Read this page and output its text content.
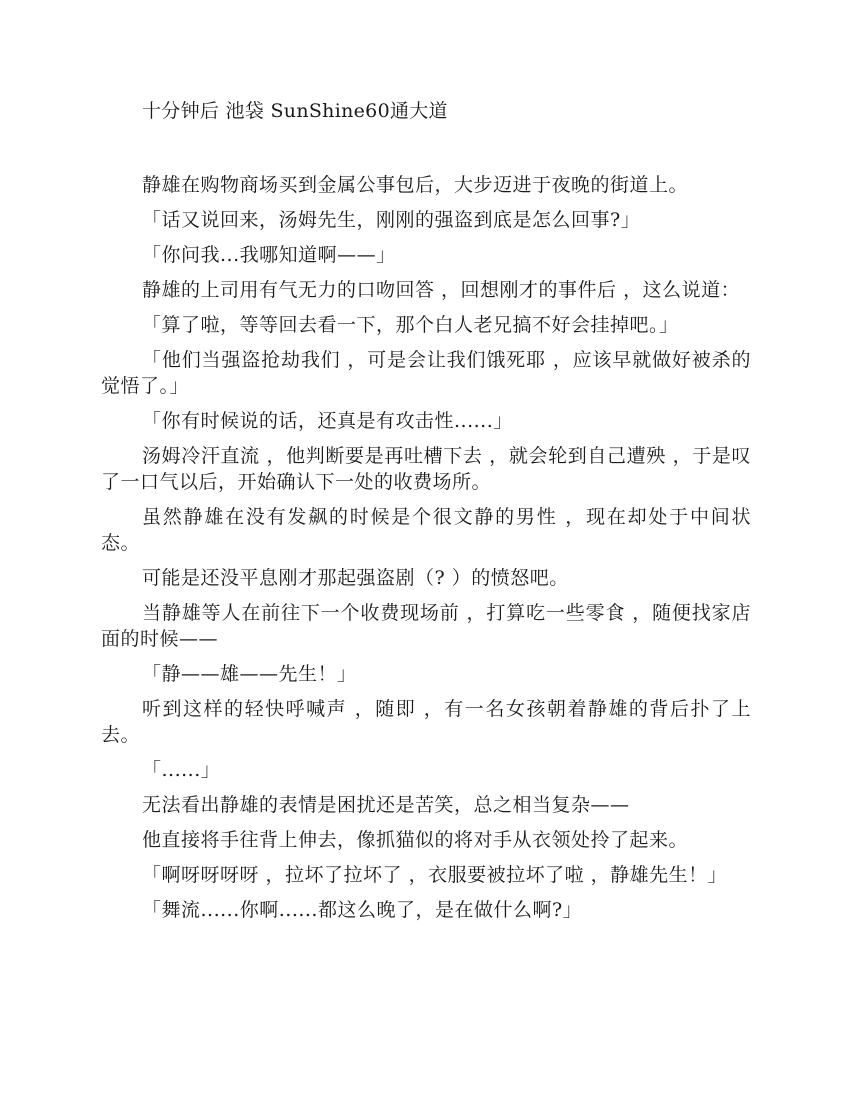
十分钟后 池袋 SunShine60通大道

静雄在购物商场买到金属公事包后，大步迈进于夜晚的街道上。

「话又说回来，汤姆先生，刚刚的强盗到底是怎么回事?」

「你问我...我哪知道啊——」

静雄的上司用有气无力的口吻回答 ，回想刚才的事件后 ，这么说道：

「算了啦，等等回去看一下，那个白人老兄搞不好会挂掉吧。」

「他们当强盗抢劫我们 ，可是会让我们饿死耶 ，应该早就做好被杀的觉悟了。」

「你有时候说的话，还真是有攻击性......」

汤姆冷汗直流 ，他判断要是再吐槽下去 ，就会轮到自己遭殃 ，于是叹了一口气以后，开始确认下一处的收费场所。

虽然静雄在没有发飙的时候是个很文静的男性 ，现在却处于中间状态。

可能是还没平息刚才那起强盗剧（? ）的愤怒吧。

当静雄等人在前往下一个收费现场前 ，打算吃一些零食 ，随便找家店面的时候——

「静——雄——先生！」

听到这样的轻快呼喊声 ，随即 ，有一名女孩朝着静雄的背后扑了上去。

「......」

无法看出静雄的表情是困扰还是苦笑，总之相当复杂——

他直接将手往背上伸去，像抓猫似的将对手从衣领处拎了起来。

「啊呀呀呀呀 ，拉坏了拉坏了 ，衣服要被拉坏了啦 ，静雄先生！」

「舞流......你啊......都这么晚了，是在做什么啊?」
